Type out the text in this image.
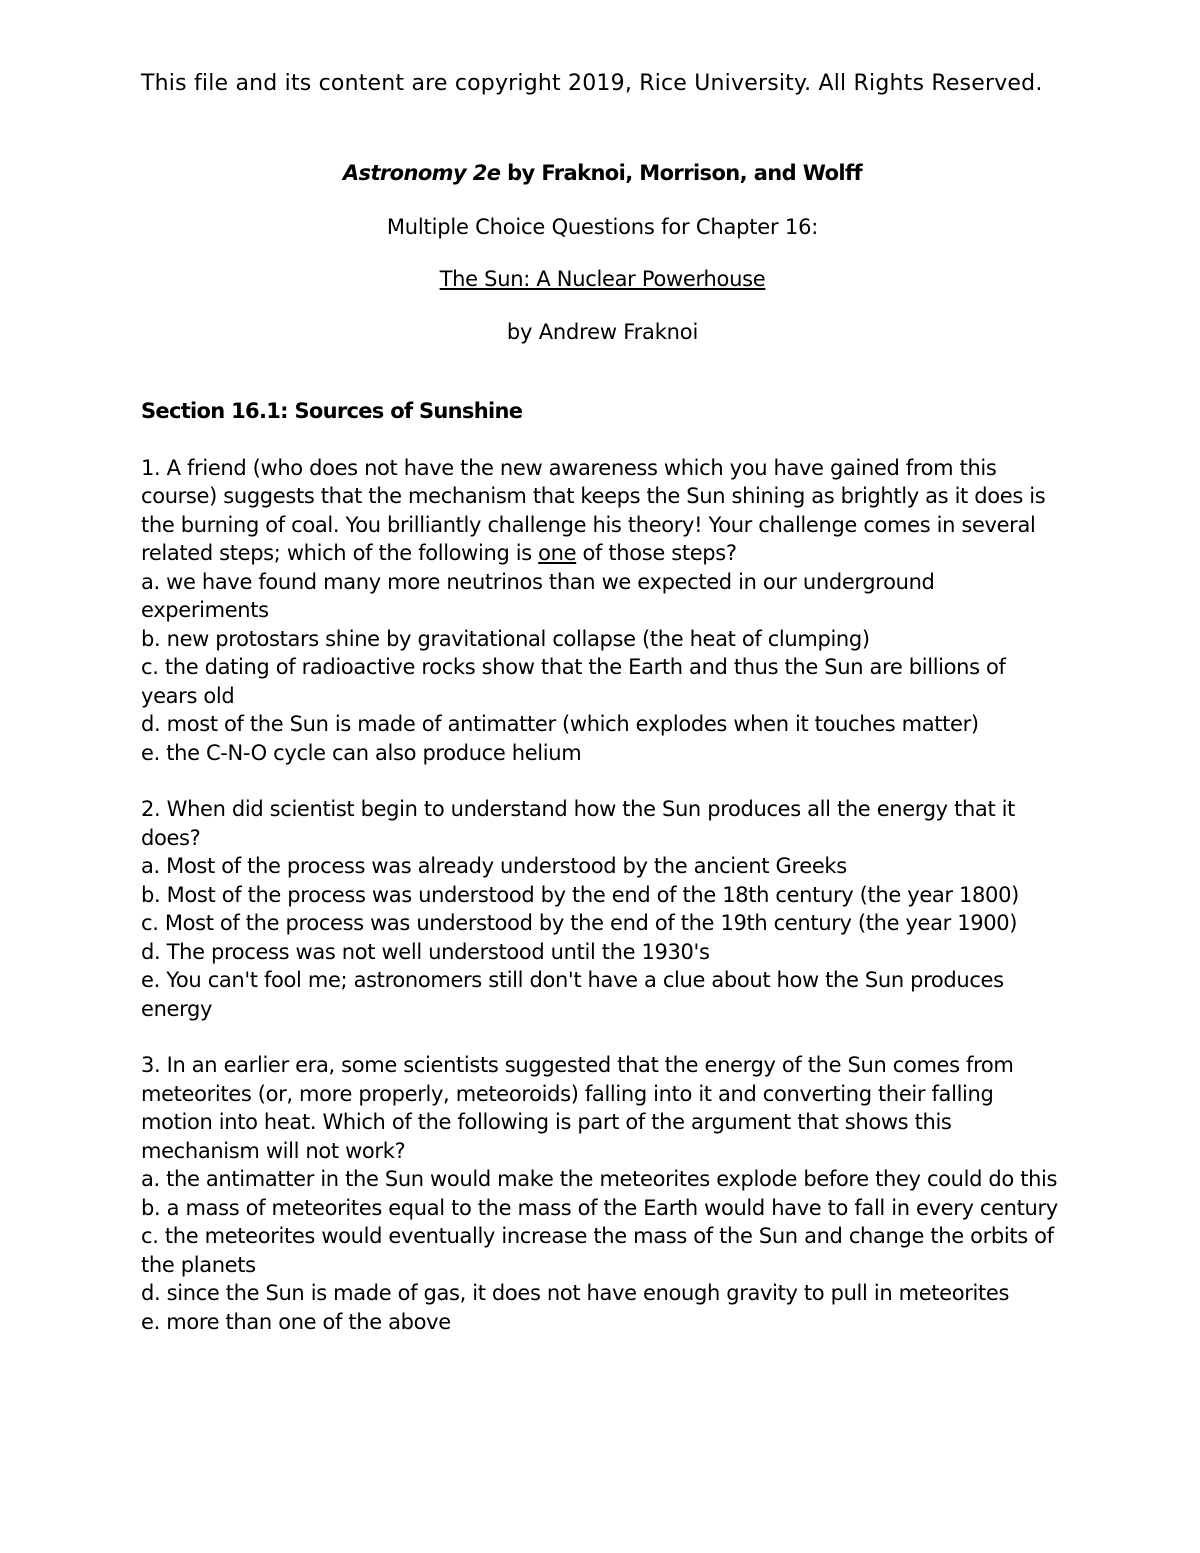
This file and its content are copyright 2019, Rice University. All Rights Reserved.
Astronomy 2e by Fraknoi, Morrison, and Wolff
Multiple Choice Questions for Chapter 16:
The Sun: A Nuclear Powerhouse
by Andrew Fraknoi
Section 16.1: Sources of Sunshine

1. A friend (who does not have the new awareness which you have gained from this course) suggests that the mechanism that keeps the Sun shining as brightly as it does is the burning of coal. You brilliantly challenge his theory! Your challenge comes in several related steps; which of the following is one of those steps?

a. we have found many more neutrinos than we expected in our underground experiments
b. new protostars shine by gravitational collapse (the heat of clumping)
c. the dating of radioactive rocks show that the Earth and thus the Sun are billions of years old
d. most of the Sun is made of antimatter (which explodes when it touches matter)
e. the C-N-O cycle can also produce helium

2. When did scientist begin to understand how the Sun produces all the energy that it does?

a. Most of the process was already understood by the ancient Greeks
b. Most of the process was understood by the end of the 18th century (the year 1800)
c. Most of the process was understood by the end of the 19th century (the year 1900)
d. The process was not well understood until the 1930's
e. You can't fool me; astronomers still don't have a clue about how the Sun produces energy

3. In an earlier era, some scientists suggested that the energy of the Sun comes from meteorites (or, more properly, meteoroids) falling into it and converting their falling motion into heat. Which of the following is part of the argument that shows this mechanism will not work?

a. the antimatter in the Sun would make the meteorites explode before they could do this
b. a mass of meteorites equal to the mass of the Earth would have to fall in every century
c. the meteorites would eventually increase the mass of the Sun and change the orbits of the planets
d. since the Sun is made of gas, it does not have enough gravity to pull in meteorites
e. more than one of the above
